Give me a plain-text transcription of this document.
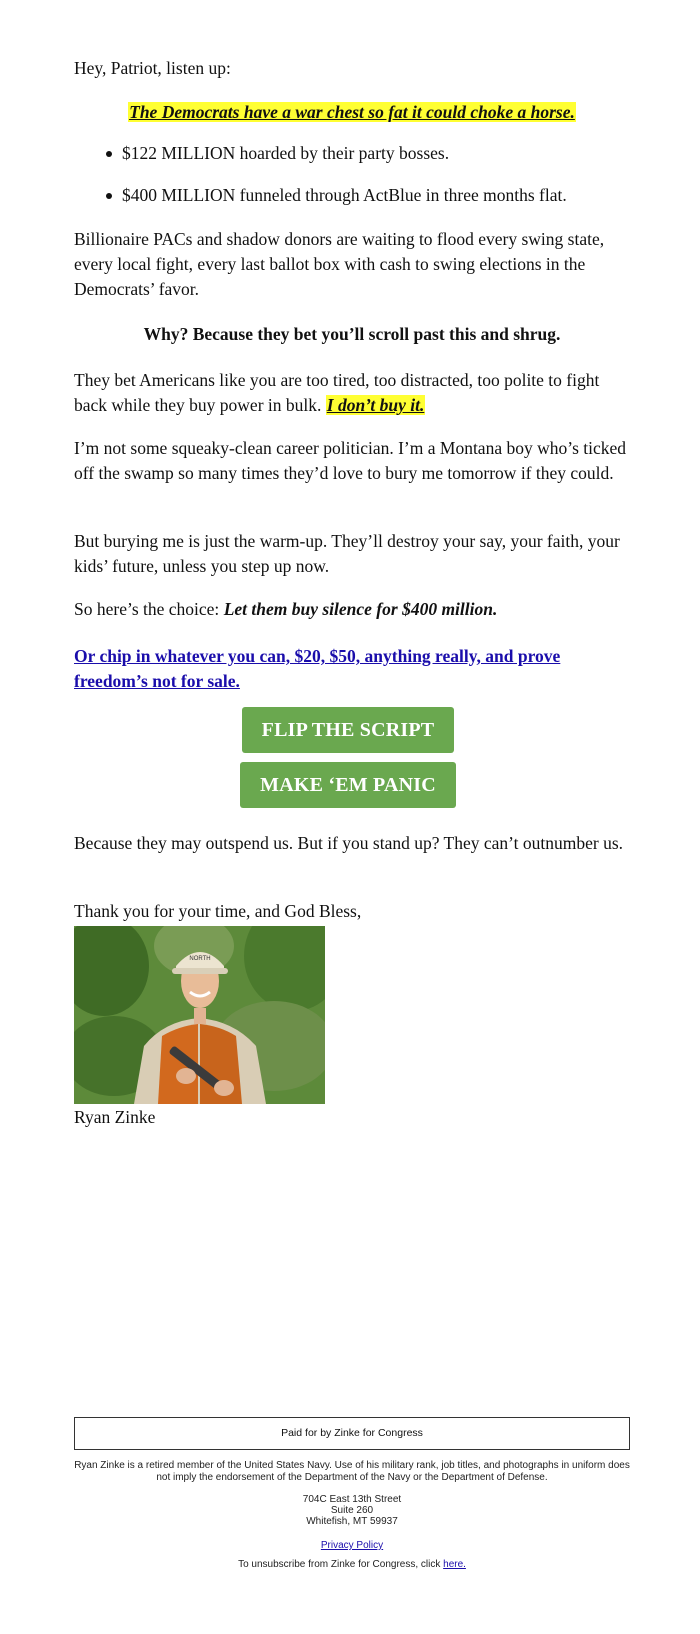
Hey, Patriot, listen up:

The Democrats have a war chest so fat it could choke a horse.
$122 MILLION hoarded by their party bosses.
$400 MILLION funneled through ActBlue in three months flat.

Billionaire PACs and shadow donors are waiting to flood every swing state, every local fight, every last ballot box with cash to swing elections in the Democrats’ favor.

Why? Because they bet you’ll scroll past this and shrug.

They bet Americans like you are too tired, too distracted, too polite to fight back while they buy power in bulk. I don’t buy it.

I’m not some squeaky-clean career politician. I’m a Montana boy who’s ticked off the swamp so many times they’d love to bury me tomorrow if they could.

But burying me is just the warm-up. They’ll destroy your say, your faith, your kids’ future, unless you step up now.

So here’s the choice: Let them buy silence for $400 million.

Or chip in whatever you can, $20, $50, anything really, and prove freedom’s not for sale.
FLIP THE SCRIPT
MAKE ‘EM PANIC

Because they may outspend us. But if you stand up? They can’t outnumber us.

Thank you for your time, and God Bless,

NORTH

Ryan Zinke

Paid for by Zinke for Congress
Ryan Zinke is a retired member of the United States Navy. Use of his military rank, job titles, and photographs in uniform does not imply the endorsement of the Department of the Navy or the Department of Defense.
704C East 13th Street
Suite 260
Whitefish, MT 59937
Privacy Policy
To unsubscribe from Zinke for Congress, click here.
